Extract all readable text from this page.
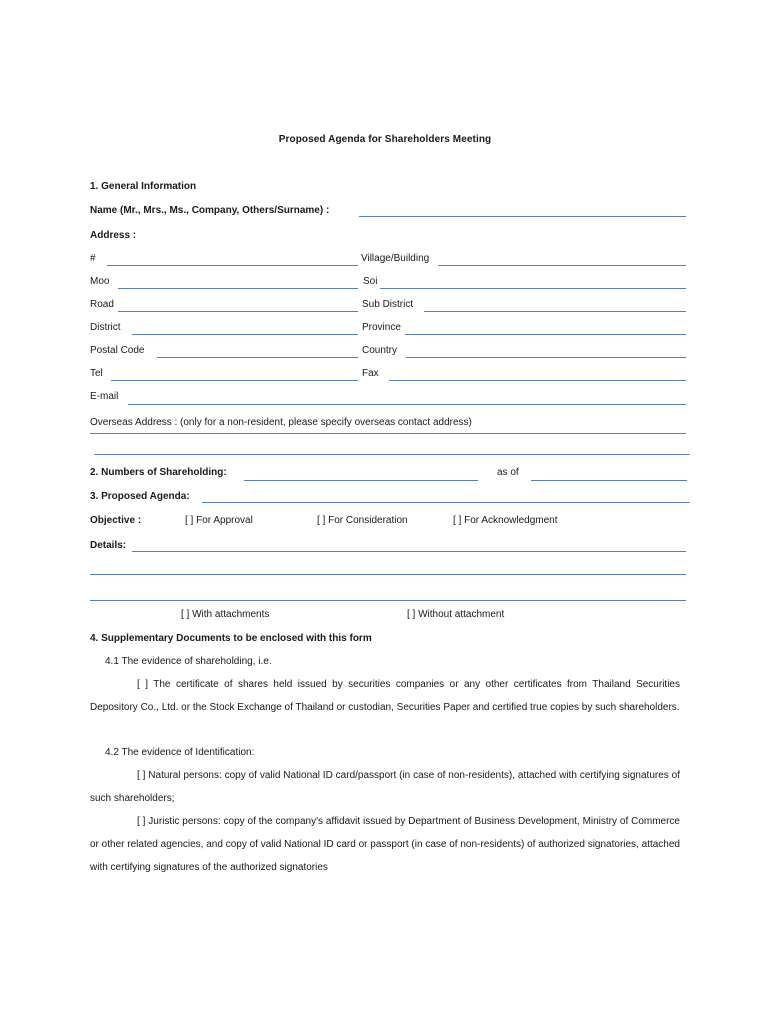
Proposed Agenda for Shareholders Meeting
1. General Information
Name (Mr., Mrs., Ms., Company, Others/Surname) :
Address :
#	Village/Building
Moo	Soi
Road	Sub District
District	Province
Postal Code	Country
Tel	Fax
E-mail
Overseas Address : (only for a non-resident, please specify overseas contact address)
2. Numbers of Shareholding:	as of
3. Proposed Agenda:
Objective :	[ ] For Approval	[ ] For Consideration	[ ] For Acknowledgment
Details:
[ ] With attachments	[ ] Without attachment
4. Supplementary Documents to be enclosed with this form
4.1 The evidence of shareholding, i.e.
[ ] The certificate of shares held issued by securities companies or any other certificates from Thailand Securities Depository Co., Ltd. or the Stock Exchange of Thailand or custodian, Securities Paper and certified true copies by such shareholders.
4.2 The evidence of Identification:
[ ] Natural persons: copy of valid National ID card/passport (in case of non-residents), attached with certifying signatures of such shareholders;
[ ] Juristic persons: copy of the company's affidavit issued by Department of Business Development, Ministry of Commerce or other related agencies, and copy of valid National ID card or passport (in case of non-residents) of authorized signatories, attached with certifying signatures of the authorized signatories
